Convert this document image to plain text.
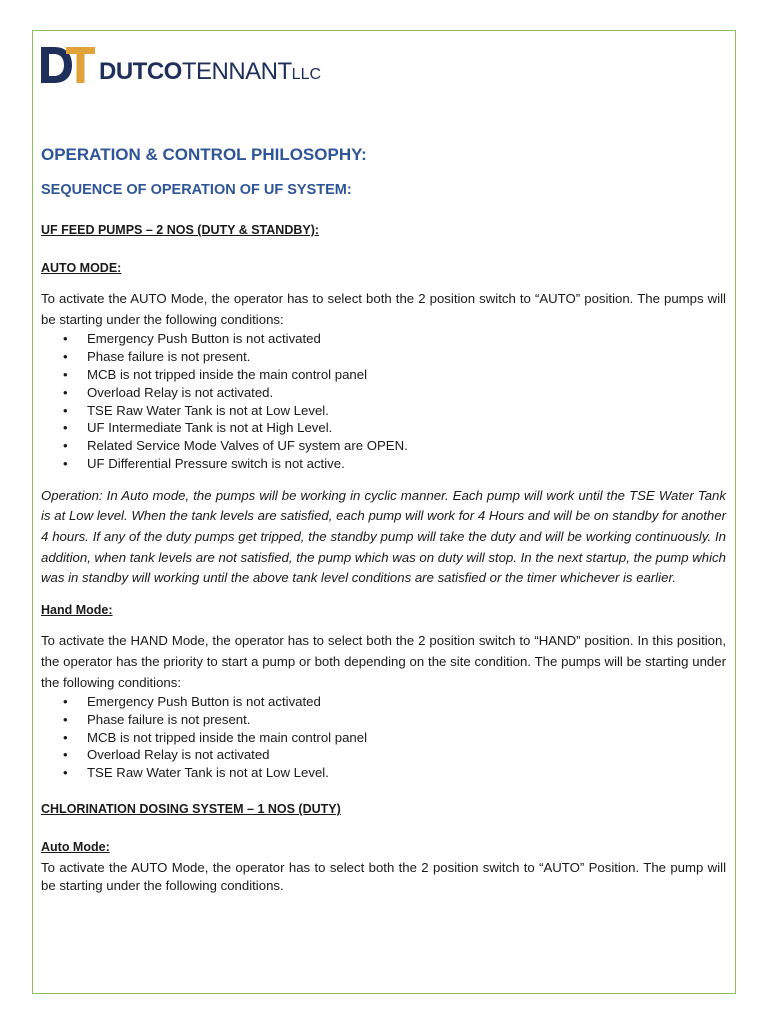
DUTCOTENNANTLLC
OPERATION & CONTROL PHILOSOPHY:
SEQUENCE OF OPERATION OF UF SYSTEM:
UF FEED PUMPS – 2 NOS (DUTY & STANDBY):
AUTO MODE:

To activate the AUTO Mode, the operator has to select both the 2 position switch to “AUTO” position. The pumps will be starting under the following conditions:

• Emergency Push Button is not activated
• Phase failure is not present.
• MCB is not tripped inside the main control panel
• Overload Relay is not activated.
• TSE Raw Water Tank is not at Low Level.
• UF Intermediate Tank is not at High Level.
• Related Service Mode Valves of UF system are OPEN.
• UF Differential Pressure switch is not active.

Operation: In Auto mode, the pumps will be working in cyclic manner. Each pump will work until the TSE Water Tank is at Low level. When the tank levels are satisfied, each pump will work for 4 Hours and will be on standby for another 4 hours. If any of the duty pumps get tripped, the standby pump will take the duty and will be working continuously. In addition, when tank levels are not satisfied, the pump which was on duty will stop. In the next startup, the pump which was in standby will working until the above tank level conditions are satisfied or the timer whichever is earlier.

Hand Mode:

To activate the HAND Mode, the operator has to select both the 2 position switch to “HAND” position. In this position, the operator has the priority to start a pump or both depending on the site condition. The pumps will be starting under the following conditions:

• Emergency Push Button is not activated
• Phase failure is not present.
• MCB is not tripped inside the main control panel
• Overload Relay is not activated
• TSE Raw Water Tank is not at Low Level.
CHLORINATION DOSING SYSTEM – 1 NOS (DUTY)
Auto Mode:

To activate the AUTO Mode, the operator has to select both the 2 position switch to “AUTO” Position. The pump will be starting under the following conditions.
